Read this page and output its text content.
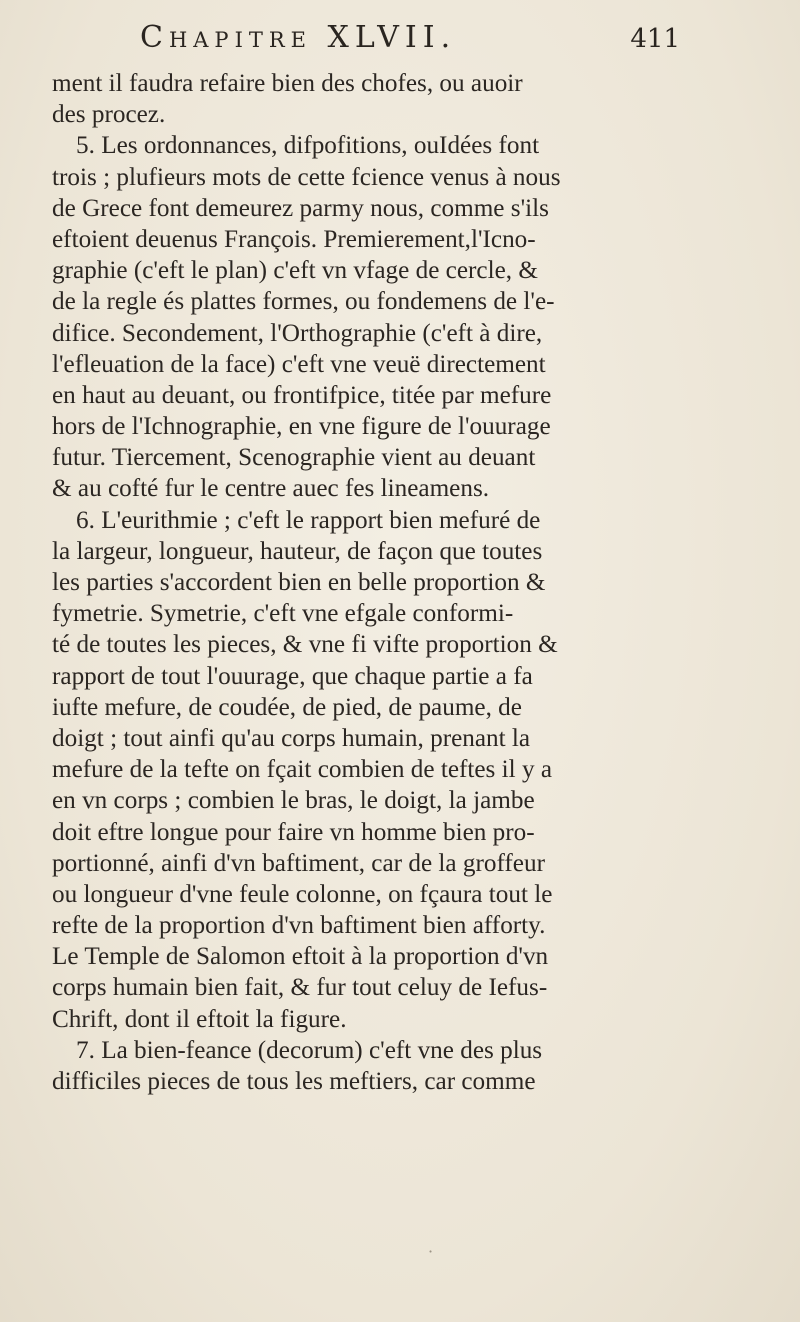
Chapitre XLVII.	411
ment il faudra refaire bien des chofes, ou auoir
des procez.
5. Les ordonnances, difpofitions, ouIdées font
trois ; plufieurs mots de cette fcience venus à nous
de Grece font demeurez parmy nous, comme s'ils
eftoient deuenus François. Premierement,l'Icno-
graphie (c'eft le plan) c'eft vn vfage de cercle, &
de la regle és plattes formes, ou fondemens de l'e-
difice. Secondement, l'Orthographie (c'eft à dire,
l'efleuation de la face) c'eft vne veuë directement
en haut au deuant, ou frontifpice, titée par mefure
hors de l'Ichnographie, en vne figure de l'ouurage
futur. Tiercement, Scenographie vient au deuant
& au cofté fur le centre auec fes lineamens.
6. L'eurithmie ; c'eft le rapport bien mefuré de
la largeur, longueur, hauteur, de façon que toutes
les parties s'accordent bien en belle proportion &
fymetrie. Symetrie, c'eft vne efgale conformi-
té de toutes les pieces, & vne fi vifte proportion &
rapport de tout l'ouurage, que chaque partie a fa
iufte mefure, de coudée, de pied, de paume, de
doigt ; tout ainfi qu'au corps humain, prenant la
mefure de la tefte on fçait combien de teftes il y a
en vn corps ; combien le bras, le doigt, la jambe
doit eftre longue pour faire vn homme bien pro-
portionné, ainfi d'vn baftiment, car de la groffeur
ou longueur d'vne feule colonne, on fçaura tout le
refte de la proportion d'vn baftiment bien afforty.
Le Temple de Salomon eftoit à la proportion d'vn
corps humain bien fait, & fur tout celuy de Iefus-
Chrift, dont il eftoit la figure.
7. La bien-feance (decorum) c'eft vne des plus
difficiles pieces de tous les meftiers, car comme
·
